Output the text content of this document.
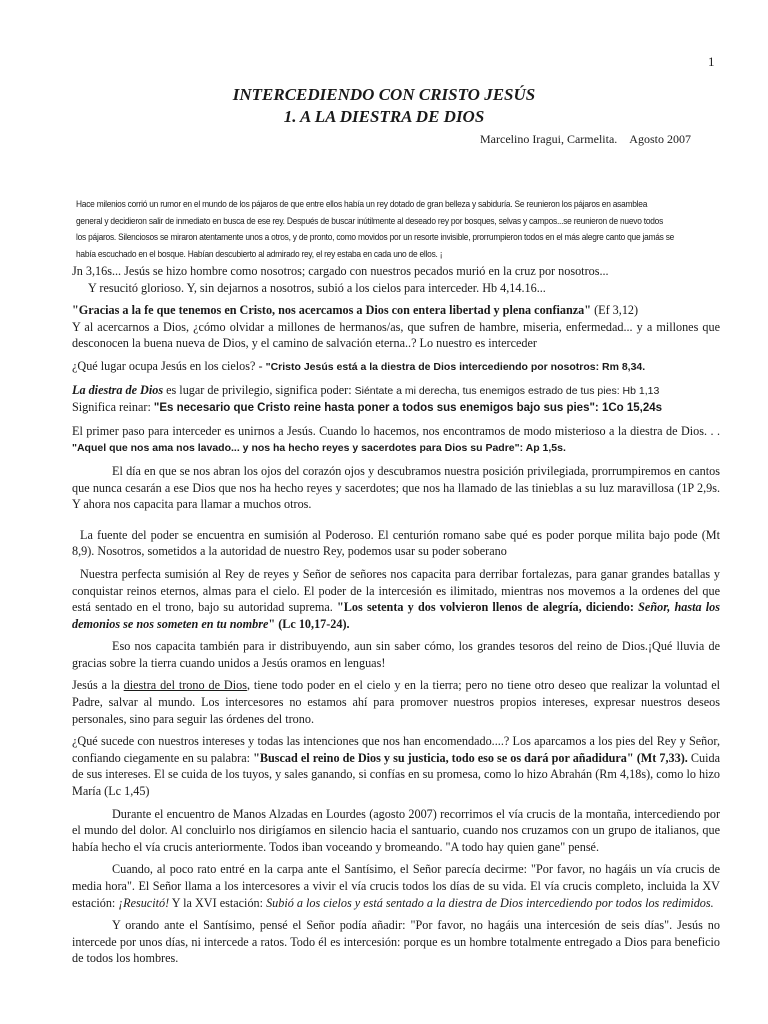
1
INTERCEDIENDO CON CRISTO JESÚS
1. A LA DIESTRA DE DIOS
Marcelino Iragui, Carmelita. Agosto 2007
Hace milenios corrió un rumor en el mundo de los pájaros de que entre ellos había un rey dotado de gran belleza y sabiduría. Se reunieron los pájaros en asamblea general y decidieron salir de inmediato en busca de ese rey. Después de buscar inútilmente al deseado rey por bosques, selvas y campos...se reunieron de nuevo todos los pájaros. Silenciosos se miraron atentamente unos a otros, y de pronto, como movidos por un resorte invisible, prorrumpieron todos en el más alegre canto que jamás se había escuchado en el bosque. Habían descubierto al admirado rey, el rey estaba en cada uno de ellos. ¡

Jn 3,16s... Jesús se hizo hombre como nosotros; cargado con nuestros pecados murió en la cruz por nosotros...
Y resucitó glorioso. Y, sin dejarnos a nosotros, subió a los cielos para interceder. Hb 4,14.16...

"Gracias a la fe que tenemos en Cristo, nos acercamos a Dios con entera libertad y plena confianza" (Ef 3,12)
Y al acercarnos a Dios, ¿cómo olvidar a millones de hermanos/as, que sufren de hambre, miseria, enfermedad... y a millones que desconocen la buena nueva de Dios, y el camino de salvación eterna..? Lo nuestro es interceder

¿Qué lugar ocupa Jesús en los cielos? - "Cristo Jesús está a la diestra de Dios intercediendo por nosotros: Rm 8,34.

La diestra de Dios es lugar de privilegio, significa poder: Siéntate a mi derecha, tus enemigos estrado de tus pies: Hb 1,13
Significa reinar: "Es necesario que Cristo reine hasta poner a todos sus enemigos bajo sus pies": 1Co 15,24s

El primer paso para interceder es unirnos a Jesús. Cuando lo hacemos, nos encontramos de modo misterioso a la diestra de Dios. . . "Aquel que nos ama nos lavado... y nos ha hecho reyes y sacerdotes para Dios su Padre": Ap 1,5s.

El día en que se nos abran los ojos del corazón ojos y descubramos nuestra posición privilegiada, prorrumpiremos en cantos que nunca cesarán a ese Dios que nos ha hecho reyes y sacerdotes; que nos ha llamado de las tinieblas a su luz maravillosa (1P 2,9s. Y ahora nos capacita para llamar a muchos otros.

La fuente del poder se encuentra en sumisión al Poderoso. El centurión romano sabe qué es poder porque milita bajo pode (Mt 8,9). Nosotros, sometidos a la autoridad de nuestro Rey, podemos usar su poder soberano

Nuestra perfecta sumisión al Rey de reyes y Señor de señores nos capacita para derribar fortalezas, para ganar grandes batallas y conquistar reinos eternos, almas para el cielo. El poder de la intercesión es ilimitado, mientras nos movemos a la ordenes del que está sentado en el trono, bajo su autoridad suprema. "Los setenta y dos volvieron llenos de alegría, diciendo: Señor, hasta los demonios se nos someten en tu nombre" (Lc 10,17-24).

Eso nos capacita también para ir distribuyendo, aun sin saber cómo, los grandes tesoros del reino de Dios.¡Qué lluvia de gracias sobre la tierra cuando unidos a Jesús oramos en lenguas!

Jesús a la diestra del trono de Dios, tiene todo poder en el cielo y en la tierra; pero no tiene otro deseo que realizar la voluntad el Padre, salvar al mundo. Los intercesores no estamos ahí para promover nuestros propios intereses, expresar nuestros deseos personales, sino para seguir las órdenes del trono.

¿Qué sucede con nuestros intereses y todas las intenciones que nos han encomendado....? Los aparcamos a los pies del Rey y Señor, confiando ciegamente en su palabra: "Buscad el reino de Dios y su justicia, todo eso se os dará por añadidura" (Mt 7,33). Cuida de sus intereses. El se cuida de los tuyos, y sales ganando, si confías en su promesa, como lo hizo Abrahán (Rm 4,18s), como lo hizo María (Lc 1,45)

Durante el encuentro de Manos Alzadas en Lourdes (agosto 2007) recorrimos el vía crucis de la montaña, intercediendo por el mundo del dolor. Al concluirlo nos dirigíamos en silencio hacia el santuario, cuando nos cruzamos con un grupo de italianos, que había hecho el vía crucis anteriormente. Todos iban voceando y bromeando. "A todo hay quien gane" pensé.

Cuando, al poco rato entré en la carpa ante el Santísimo, el Señor parecía decirme: "Por favor, no hagáis un vía crucis de media hora". El Señor llama a los intercesores a vivir el vía crucis todos los días de su vida. El vía crucis completo, incluida la XV estación: ¡Resucitó! Y la XVI estación: Subió a los cielos y está sentado a la diestra de Dios intercediendo por todos los redimidos.

Y orando ante el Santísimo, pensé el Señor podía añadir: "Por favor, no hagáis una intercesión de seis días". Jesús no intercede por unos días, ni intercede a ratos. Todo él es intercesión: porque es un hombre totalmente entregado a Dios para beneficio de todos los hombres.
